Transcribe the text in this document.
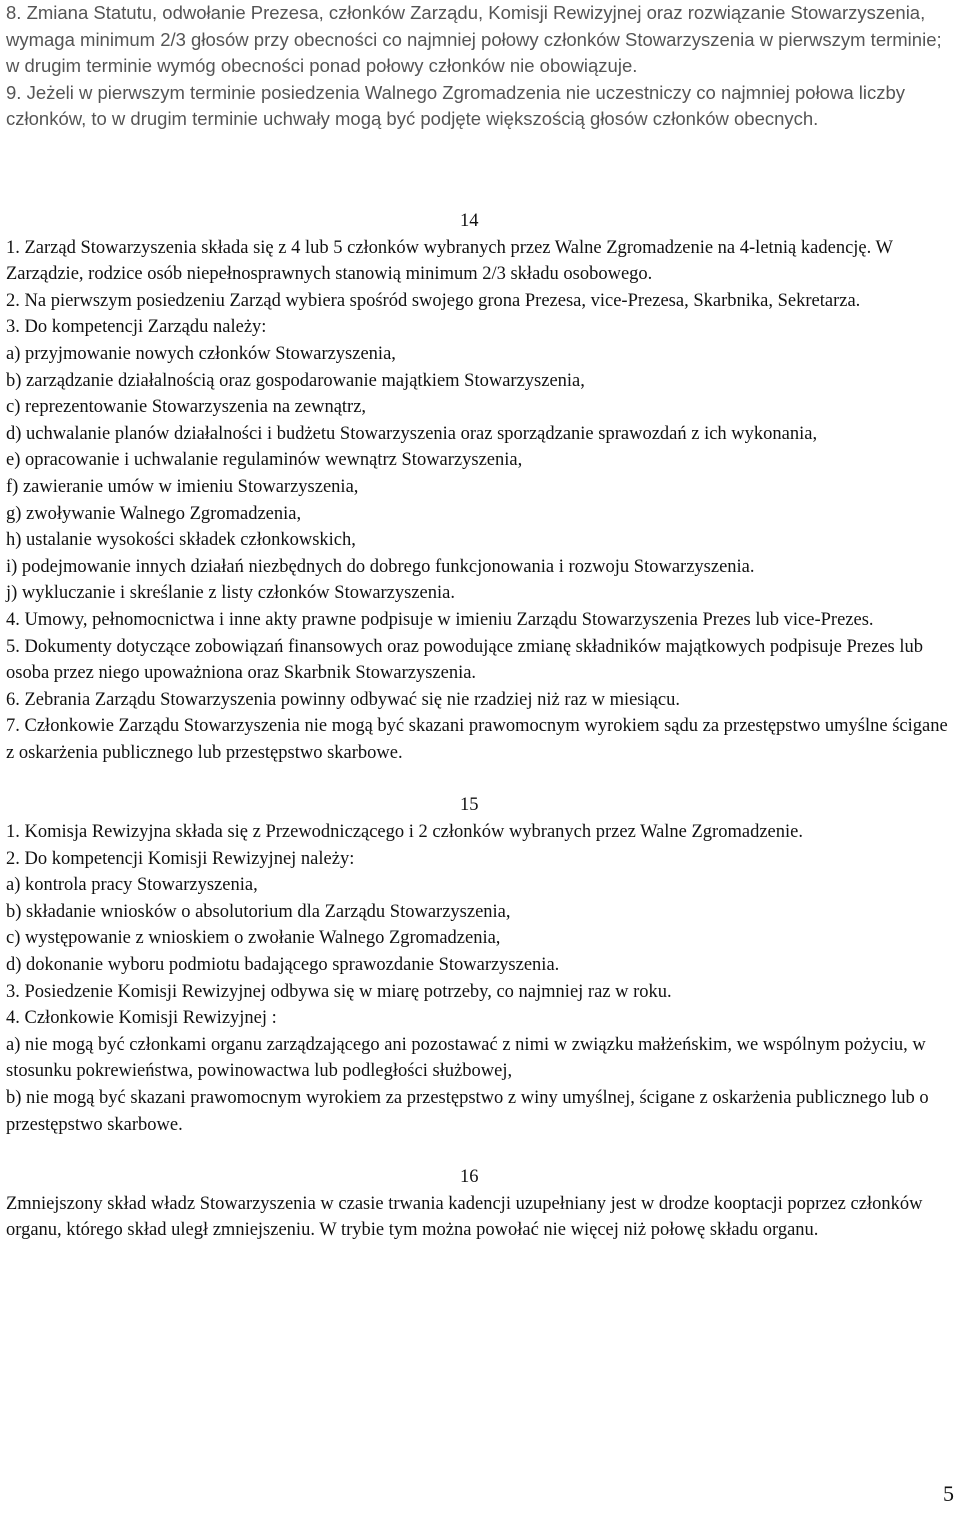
8. Zmiana Statutu, odwołanie Prezesa, członków Zarządu, Komisji Rewizyjnej oraz rozwiązanie Stowarzyszenia, wymaga minimum 2/3 głosów przy obecności co najmniej połowy członków Stowarzyszenia w pierwszym terminie; w drugim terminie wymóg obecności ponad połowy członków nie obowiązuje.

9. Jeżeli w pierwszym terminie posiedzenia Walnego Zgromadzenia nie uczestniczy co najmniej połowa liczby członków, to w drugim terminie uchwały mogą być podjęte większością głosów członków obecnych.

14

1. Zarząd Stowarzyszenia składa się z 4 lub 5 członków wybranych przez Walne Zgromadzenie na 4-letnią kadencję. W Zarządzie, rodzice osób niepełnosprawnych stanowią minimum 2/3 składu osobowego.

2. Na pierwszym posiedzeniu Zarząd wybiera spośród swojego grona Prezesa, vice-Prezesa, Skarbnika, Sekretarza.

3. Do kompetencji Zarządu należy:

a) przyjmowanie nowych członków Stowarzyszenia,

b) zarządzanie działalnością oraz gospodarowanie majątkiem Stowarzyszenia,

c) reprezentowanie Stowarzyszenia na zewnątrz,

d) uchwalanie planów działalności i budżetu Stowarzyszenia oraz sporządzanie sprawozdań z ich wykonania,

e) opracowanie i uchwalanie regulaminów wewnątrz Stowarzyszenia,

f) zawieranie umów w imieniu Stowarzyszenia,

g) zwoływanie Walnego Zgromadzenia,

h) ustalanie wysokości składek członkowskich,

i) podejmowanie innych działań niezbędnych do dobrego funkcjonowania i rozwoju Stowarzyszenia.

j) wykluczanie i skreślanie z listy członków Stowarzyszenia.

4. Umowy, pełnomocnictwa i inne akty prawne podpisuje w imieniu Zarządu Stowarzyszenia Prezes lub vice-Prezes.

5. Dokumenty dotyczące zobowiązań finansowych oraz powodujące zmianę składników majątkowych podpisuje Prezes lub osoba przez niego upoważniona oraz Skarbnik Stowarzyszenia.

6. Zebrania Zarządu Stowarzyszenia powinny odbywać się nie rzadziej niż raz w miesiącu.

7. Członkowie Zarządu Stowarzyszenia nie mogą być skazani prawomocnym wyrokiem sądu za przestępstwo umyślne ścigane z oskarżenia publicznego lub przestępstwo skarbowe.

15

1. Komisja Rewizyjna składa się z Przewodniczącego i 2 członków wybranych przez Walne Zgromadzenie.

2. Do kompetencji Komisji Rewizyjnej należy:

a) kontrola pracy Stowarzyszenia,

b) składanie wniosków o absolutorium dla Zarządu Stowarzyszenia,

c) występowanie z wnioskiem o zwołanie Walnego Zgromadzenia,

d) dokonanie wyboru podmiotu badającego sprawozdanie Stowarzyszenia.

3. Posiedzenie Komisji Rewizyjnej odbywa się w miarę potrzeby, co najmniej raz w roku.

4. Członkowie Komisji Rewizyjnej :

a) nie mogą być członkami organu zarządzającego ani pozostawać z nimi w związku małżeńskim, we wspólnym pożyciu, w stosunku pokrewieństwa, powinowactwa lub podległości służbowej,

b) nie mogą być skazani prawomocnym wyrokiem za przestępstwo z winy umyślnej, ścigane z oskarżenia publicznego lub o przestępstwo skarbowe.

16

Zmniejszony skład władz Stowarzyszenia w czasie trwania kadencji uzupełniany jest w drodze kooptacji poprzez członków organu, którego skład uległ zmniejszeniu. W trybie tym można powołać nie więcej niż połowę składu organu.

5
